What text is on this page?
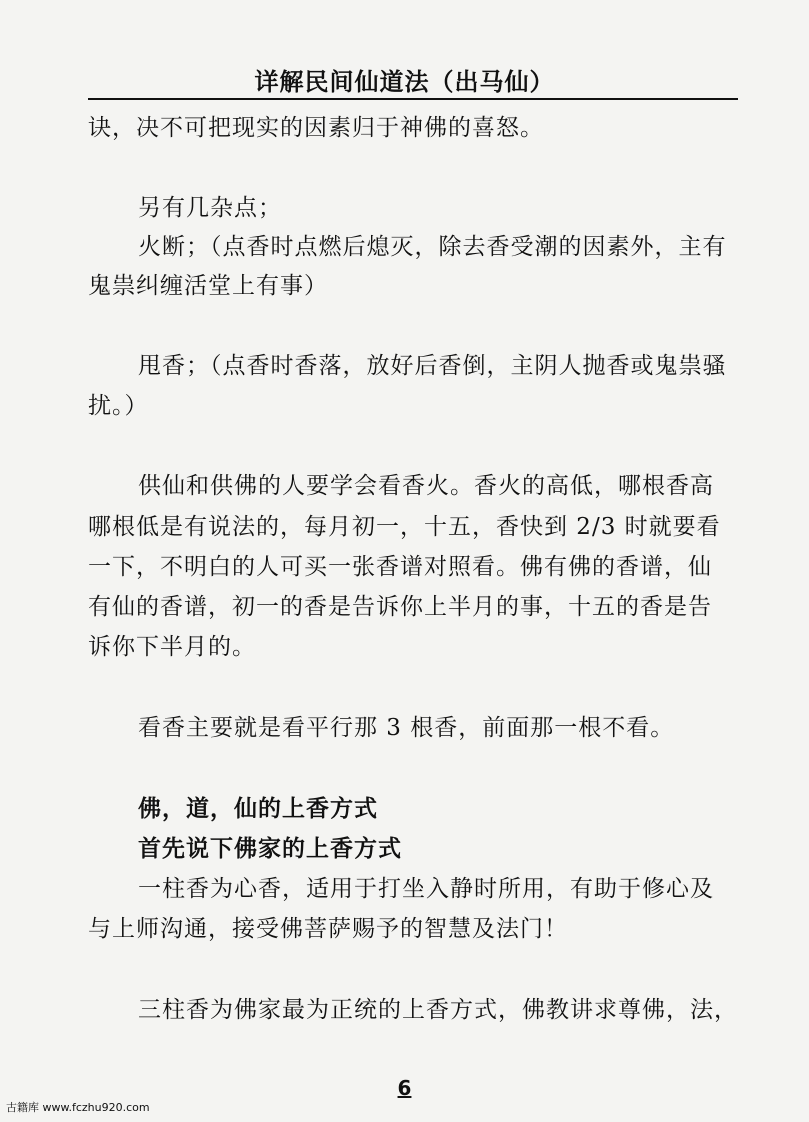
详解民间仙道法（出马仙）
诀，决不可把现实的因素归于神佛的喜怒。
另有几杂点；
火断；（点香时点燃后熄灭，除去香受潮的因素外，主有
鬼祟纠缠活堂上有事）
甩香；（点香时香落，放好后香倒，主阴人抛香或鬼祟骚
扰。）
供仙和供佛的人要学会看香火。香火的高低，哪根香高
哪根低是有说法的，每月初一，十五，香快到 2/3 时就要看
一下，不明白的人可买一张香谱对照看。佛有佛的香谱，仙
有仙的香谱，初一的香是告诉你上半月的事，十五的香是告
诉你下半月的。
看香主要就是看平行那 3 根香，前面那一根不看。
佛，道，仙的上香方式
首先说下佛家的上香方式
一柱香为心香，适用于打坐入静时所用，有助于修心及
与上师沟通，接受佛菩萨赐予的智慧及法门！
三柱香为佛家最为正统的上香方式，佛教讲求尊佛，法，
6
古籍库 www.fczhu920.com
